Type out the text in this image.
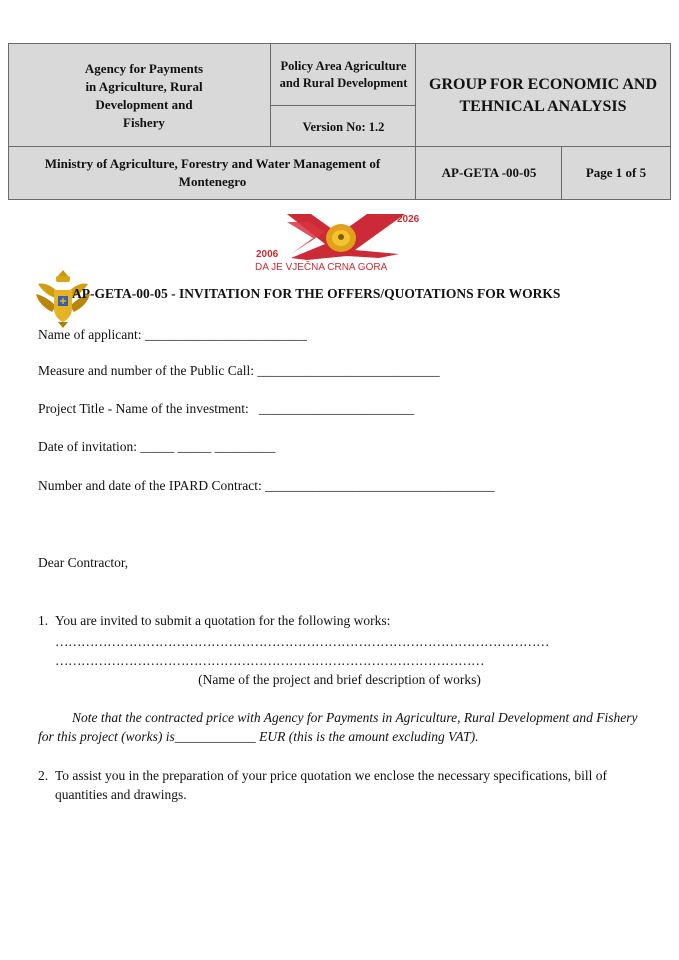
Agency for Payments in Agriculture, Rural Development and Fishery
Policy Area Agriculture and Rural Development
Version No: 1.2
GROUP FOR ECONOMIC AND TEHNICAL ANALYSIS
Ministry of Agriculture, Forestry and Water Management of Montenegro
AP-GETA -00-05	Page 1 of 5
2006
2026
DA JE VJEČNA CRNA GORA
AP-GETA-00-05 - INVITATION FOR THE OFFERS/QUOTATIONS FOR WORKS
Name of applicant: ________________________
Measure and number of the Public Call: ___________________________
Project Title - Name of the investment:   _______________________
Date of invitation: _____ _____ _________
Number and date of the IPARD Contract: __________________________________
Dear Contractor,
1. You are invited to submit a quotation for the following works:
……………………………………………………………………………………………………
………………………………………………………………………………………
(Name of the project and brief description of works)
Note that the contracted price with Agency for Payments in Agriculture, Rural Development and Fishery for this project (works) is____________ EUR (this is the amount excluding VAT).
2. To assist you in the preparation of your price quotation we enclose the necessary specifications, bill of quantities and drawings.
